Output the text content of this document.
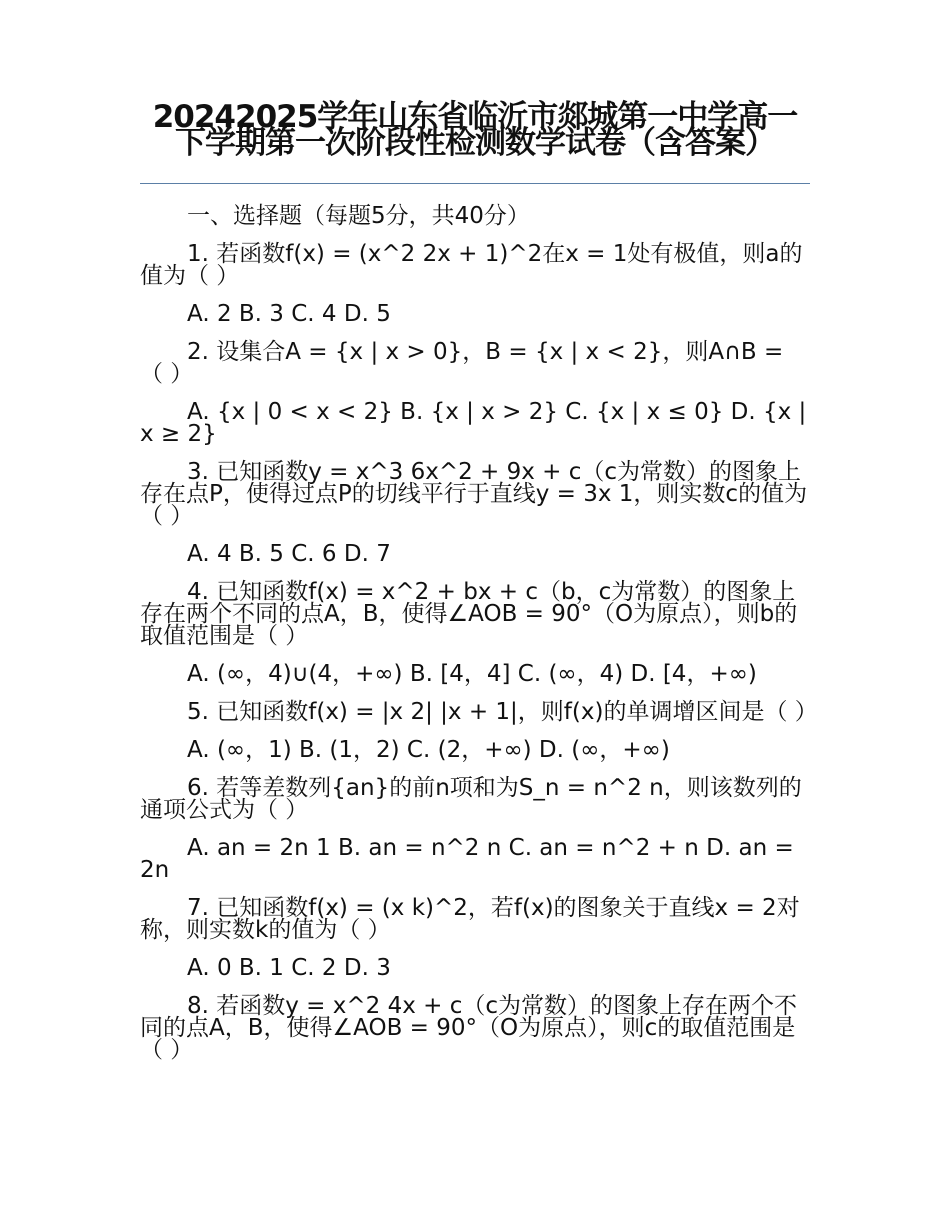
20242025学年山东省临沂市郯城第一中学高一下学期第一次阶段性检测数学试卷（含答案）

一、选择题（每题5分，共40分）

1. 若函数f(x) = (x^2 2x + 1)^2在x = 1处有极值，则a的值为（ ）

A. 2 B. 3 C. 4 D. 5

2. 设集合A = {x | x > 0}，B = {x | x < 2}，则A∩B = （ ）

A. {x | 0 < x < 2} B. {x | x > 2} C. {x | x ≤ 0} D. {x | x ≥ 2}

3. 已知函数y = x^3 6x^2 + 9x + c（c为常数）的图象上存在点P，使得过点P的切线平行于直线y = 3x 1，则实数c的值为（ ）

A. 4 B. 5 C. 6 D. 7

4. 已知函数f(x) = x^2 + bx + c（b，c为常数）的图象上存在两个不同的点A，B，使得∠AOB = 90°（O为原点），则b的取值范围是（ ）

A. (∞，4)∪(4，+∞) B. [4，4] C. (∞，4) D. [4，+∞)

5. 已知函数f(x) = |x 2| |x + 1|，则f(x)的单调增区间是（ ）

A. (∞，1) B. (1，2) C. (2，+∞) D. (∞，+∞)

6. 若等差数列{an}的前n项和为S_n = n^2 n，则该数列的通项公式为（ ）

A. an = 2n 1 B. an = n^2 n C. an = n^2 + n D. an = 2n

7. 已知函数f(x) = (x k)^2，若f(x)的图象关于直线x = 2对称，则实数k的值为（ ）

A. 0 B. 1 C. 2 D. 3

8. 若函数y = x^2 4x + c（c为常数）的图象上存在两个不同的点A，B，使得∠AOB = 90°（O为原点），则c的取值范围是（ ）
